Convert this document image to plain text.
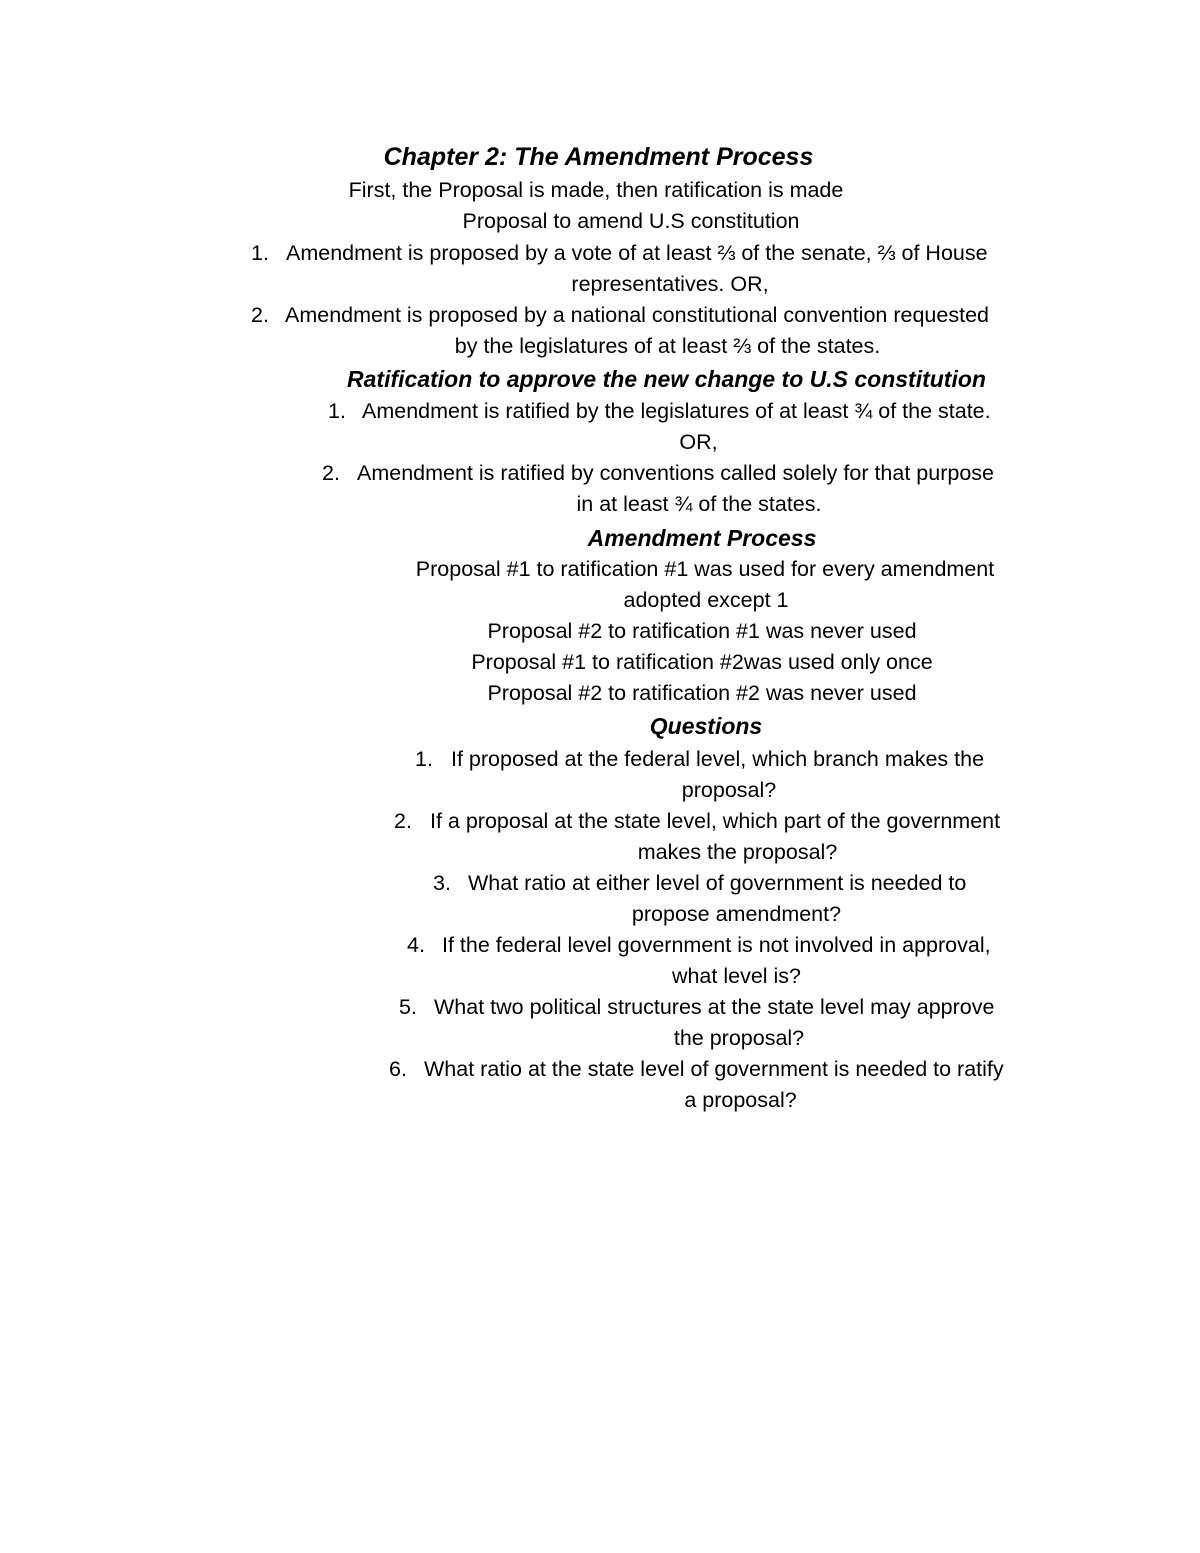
Chapter 2: The Amendment Process
First, the Proposal is made, then ratification is made
Proposal to amend U.S constitution
1. Amendment is proposed by a vote of at least ⅔ of the senate, ⅔ of House
representatives. OR,
2. Amendment is proposed by a national constitutional convention requested
by the legislatures of at least ⅔ of the states.
Ratification to approve the new change to U.S constitution
1. Amendment is ratified by the legislatures of at least ¾ of the state.
OR,
2. Amendment is ratified by conventions called solely for that purpose
in at least ¾ of the states.
Amendment Process
Proposal #1 to ratification #1 was used for every amendment
adopted except 1
Proposal #2 to ratification #1 was never used
Proposal #1 to ratification #2was used only once
Proposal #2 to ratification #2 was never used
Questions
1. If proposed at the federal level, which branch makes the
proposal?
2. If a proposal at the state level, which part of the government
makes the proposal?
3. What ratio at either level of government is needed to
propose amendment?
4. If the federal level government is not involved in approval,
what level is?
5. What two political structures at the state level may approve
the proposal?
6. What ratio at the state level of government is needed to ratify
a proposal?
